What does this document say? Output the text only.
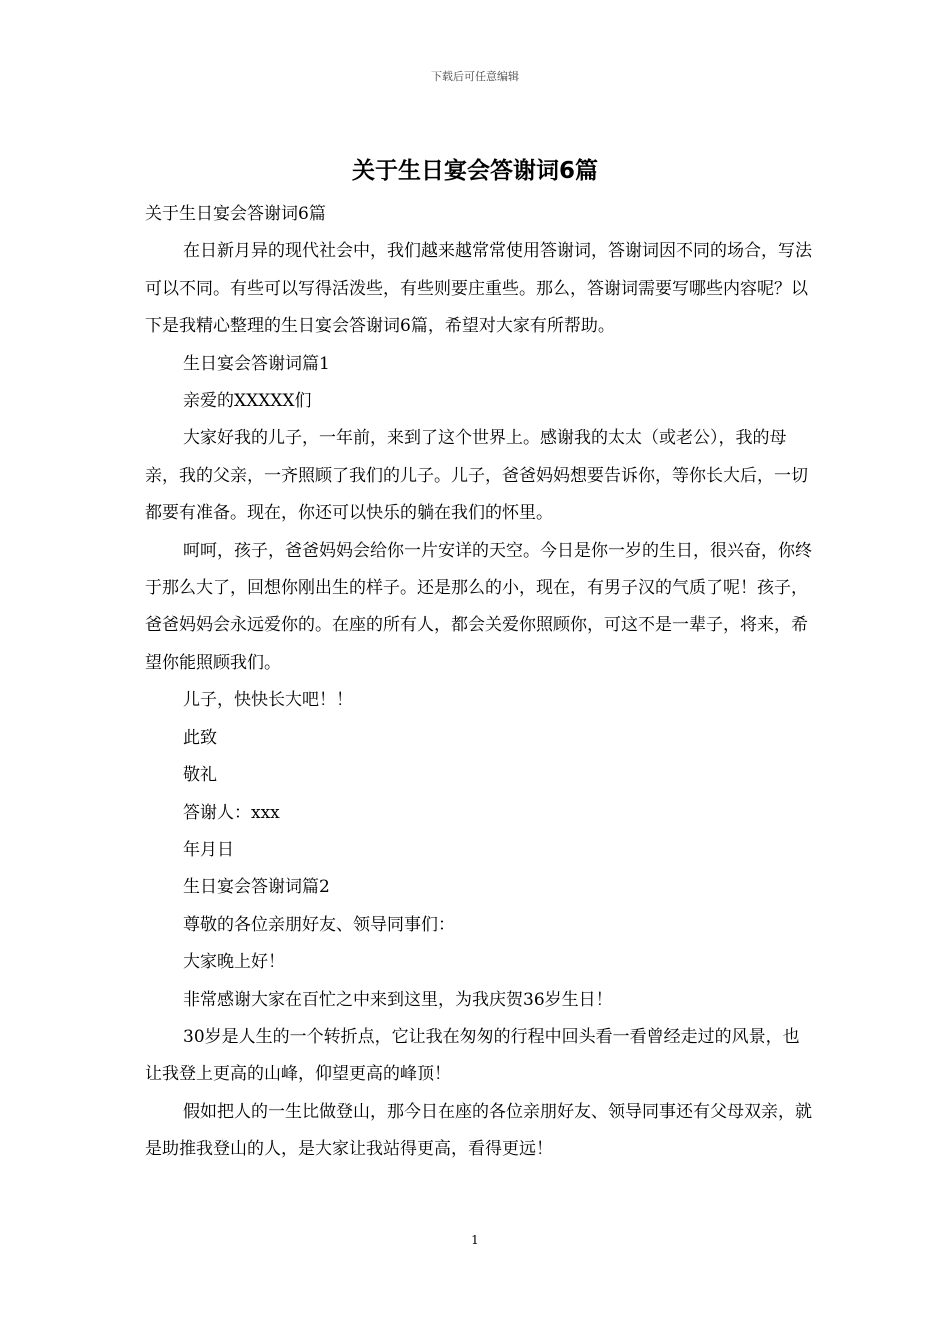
下载后可任意编辑
关于生日宴会答谢词6篇

关于生日宴会答谢词6篇

在日新月异的现代社会中，我们越来越常常使用答谢词，答谢词因不同的场合，写法可以不同。有些可以写得活泼些，有些则要庄重些。那么，答谢词需要写哪些内容呢？以下是我精心整理的生日宴会答谢词6篇，希望对大家有所帮助。

生日宴会答谢词篇1

亲爱的XXXXX们

大家好我的儿子，一年前，来到了这个世界上。感谢我的太太（或老公），我的母亲，我的父亲，一齐照顾了我们的儿子。儿子，爸爸妈妈想要告诉你，等你长大后，一切都要有准备。现在，你还可以快乐的躺在我们的怀里。

呵呵，孩子，爸爸妈妈会给你一片安详的天空。今日是你一岁的生日，很兴奋，你终于那么大了，回想你刚出生的样子。还是那么的小，现在，有男子汉的气质了呢！孩子，爸爸妈妈会永远爱你的。在座的所有人，都会关爱你照顾你，可这不是一辈子，将来，希望你能照顾我们。

儿子，快快长大吧！！

此致

敬礼

答谢人：xxx

年月日

生日宴会答谢词篇2

尊敬的各位亲朋好友、领导同事们：

大家晚上好！

非常感谢大家在百忙之中来到这里，为我庆贺36岁生日！

30岁是人生的一个转折点，它让我在匆匆的行程中回头看一看曾经走过的风景，也让我登上更高的山峰，仰望更高的峰顶！

假如把人的一生比做登山，那今日在座的各位亲朋好友、领导同事还有父母双亲，就是助推我登山的人，是大家让我站得更高，看得更远！

1
